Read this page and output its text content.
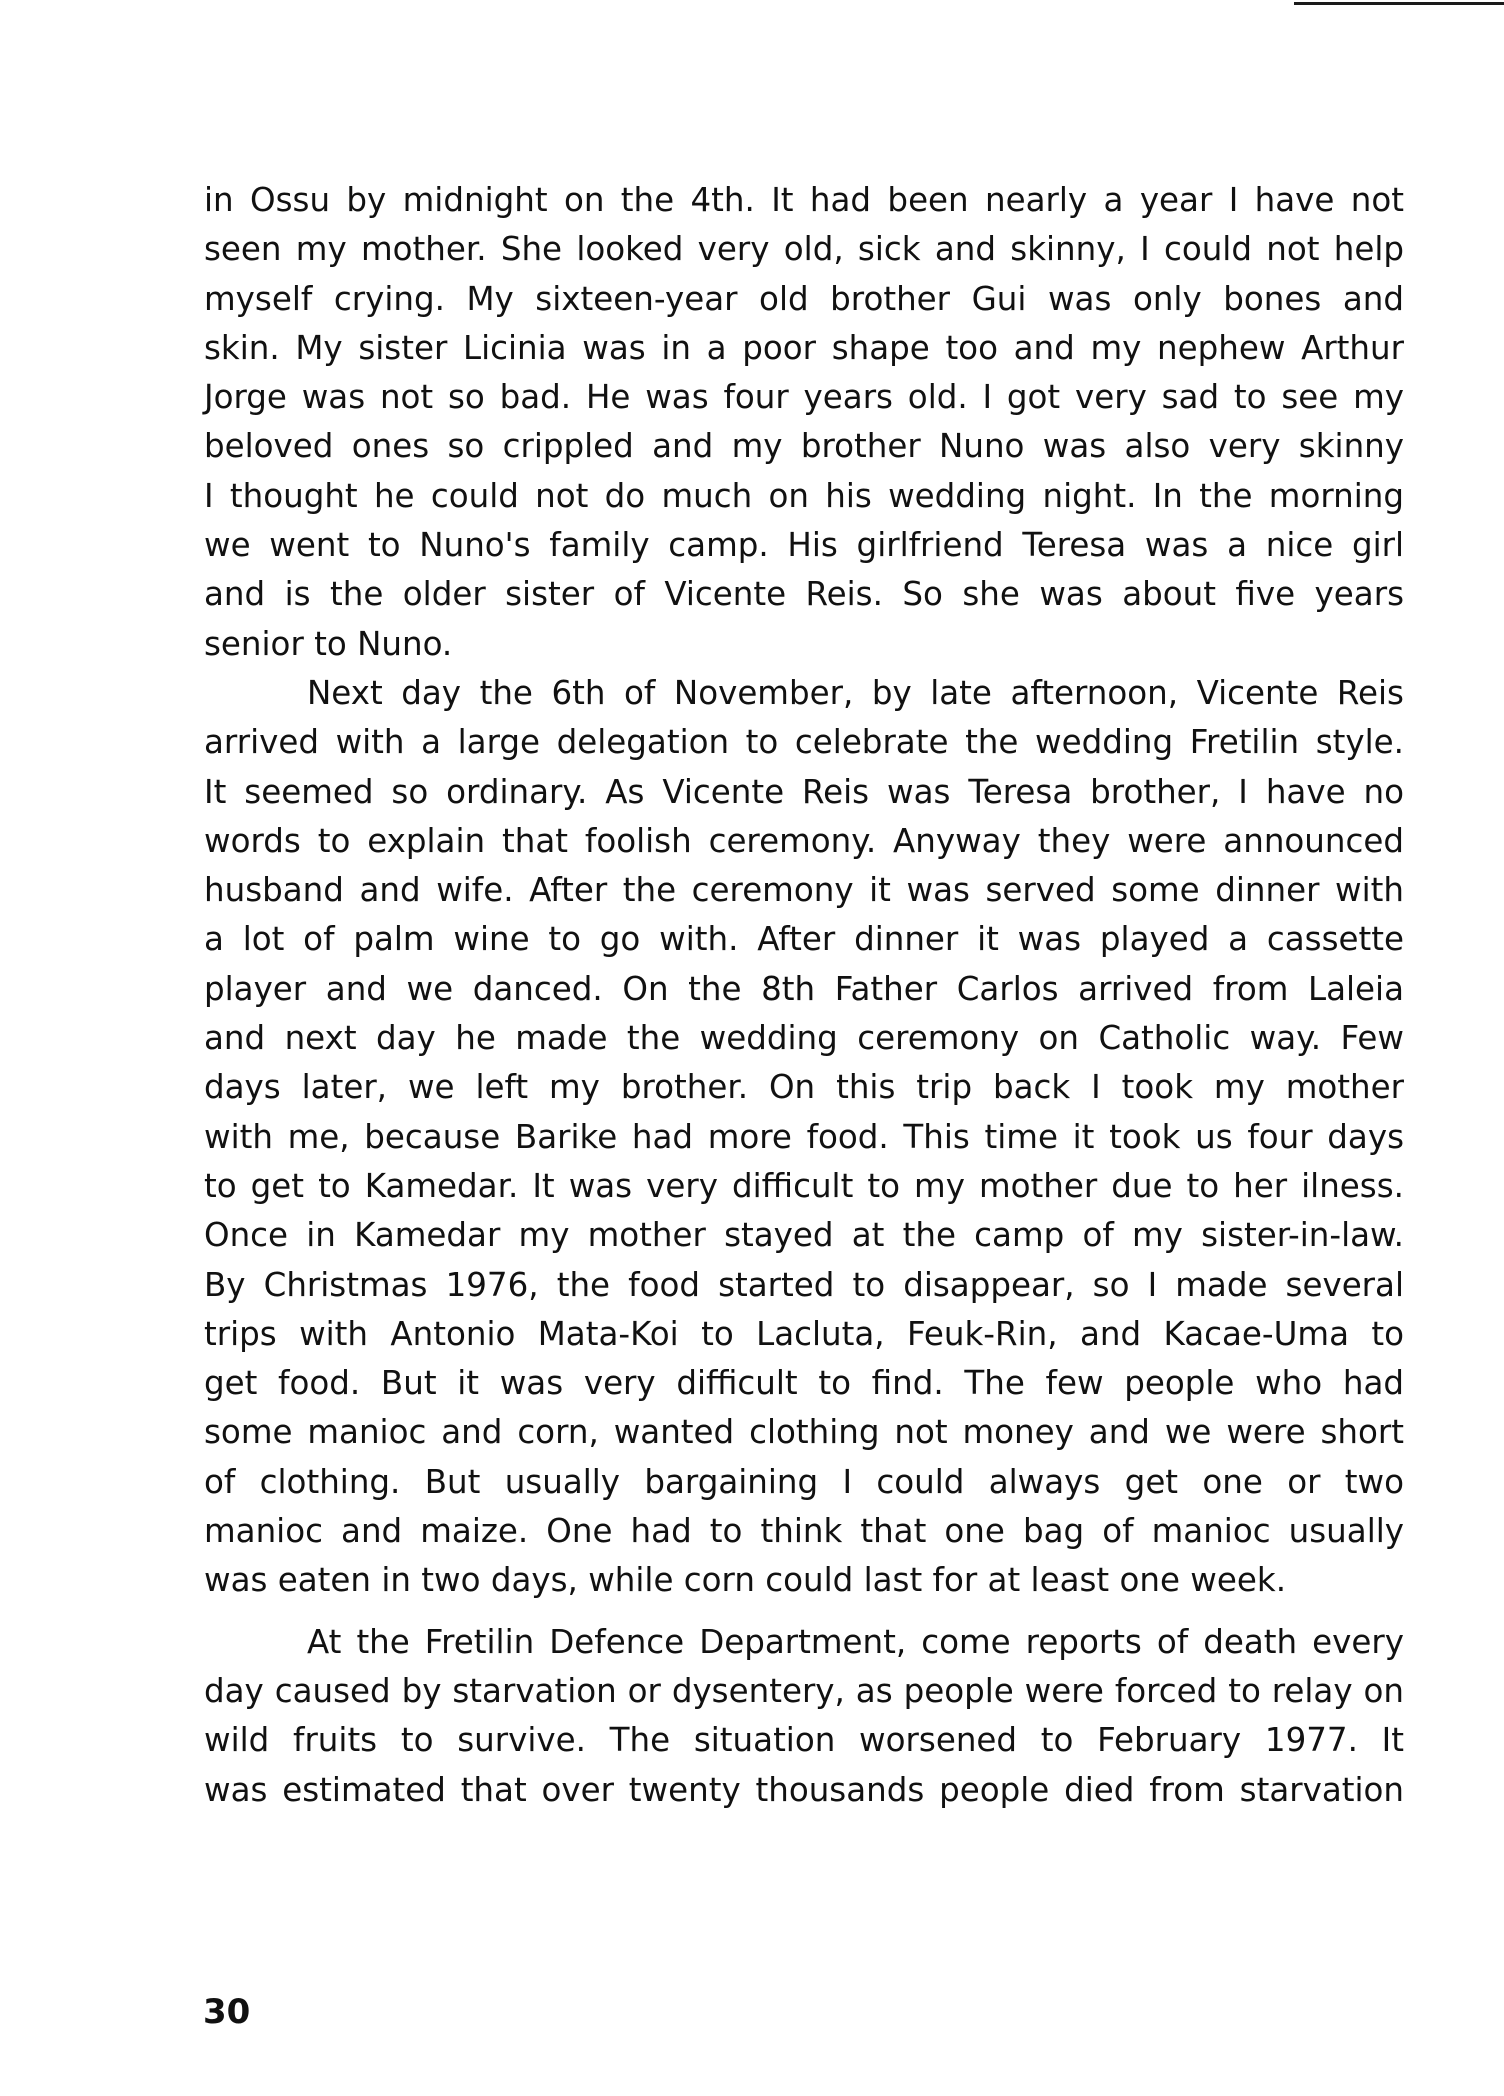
in Ossu by midnight on the 4th. It had been nearly a year I have not
seen my mother. She looked very old, sick and skinny, I could not help
myself crying. My sixteen-year old brother Gui was only bones and
skin. My sister Licinia was in a poor shape too and my nephew Arthur
Jorge was not so bad. He was four years old. I got very sad to see my
beloved ones so crippled and my brother Nuno was also very skinny
I thought he could not do much on his wedding night. In the morning
we went to Nuno's family camp. His girlfriend Teresa was a nice girl
and is the older sister of Vicente Reis. So she was about five years
senior to Nuno.
Next day the 6th of November, by late afternoon, Vicente Reis
arrived with a large delegation to celebrate the wedding Fretilin style.
It seemed so ordinary. As Vicente Reis was Teresa brother, I have no
words to explain that foolish ceremony. Anyway they were announced
husband and wife. After the ceremony it was served some dinner with
a lot of palm wine to go with. After dinner it was played a cassette
player and we danced. On the 8th Father Carlos arrived from Laleia
and next day he made the wedding ceremony on Catholic way. Few
days later, we left my brother. On this trip back I took my mother
with me, because Barike had more food. This time it took us four days
to get to Kamedar. It was very difficult to my mother due to her ilness.
Once in Kamedar my mother stayed at the camp of my sister-in-law.
By Christmas 1976, the food started to disappear, so I made several
trips with Antonio Mata-Koi to Lacluta, Feuk-Rin, and Kacae-Uma to
get food. But it was very difficult to find. The few people who had
some manioc and corn, wanted clothing not money and we were short
of clothing. But usually bargaining I could always get one or two
manioc and maize. One had to think that one bag of manioc usually
was eaten in two days, while corn could last for at least one week.
At the Fretilin Defence Department, come reports of death every
day caused by starvation or dysentery, as people were forced to relay on
wild fruits to survive. The situation worsened to February 1977. It
was estimated that over twenty thousands people died from starvation
30
